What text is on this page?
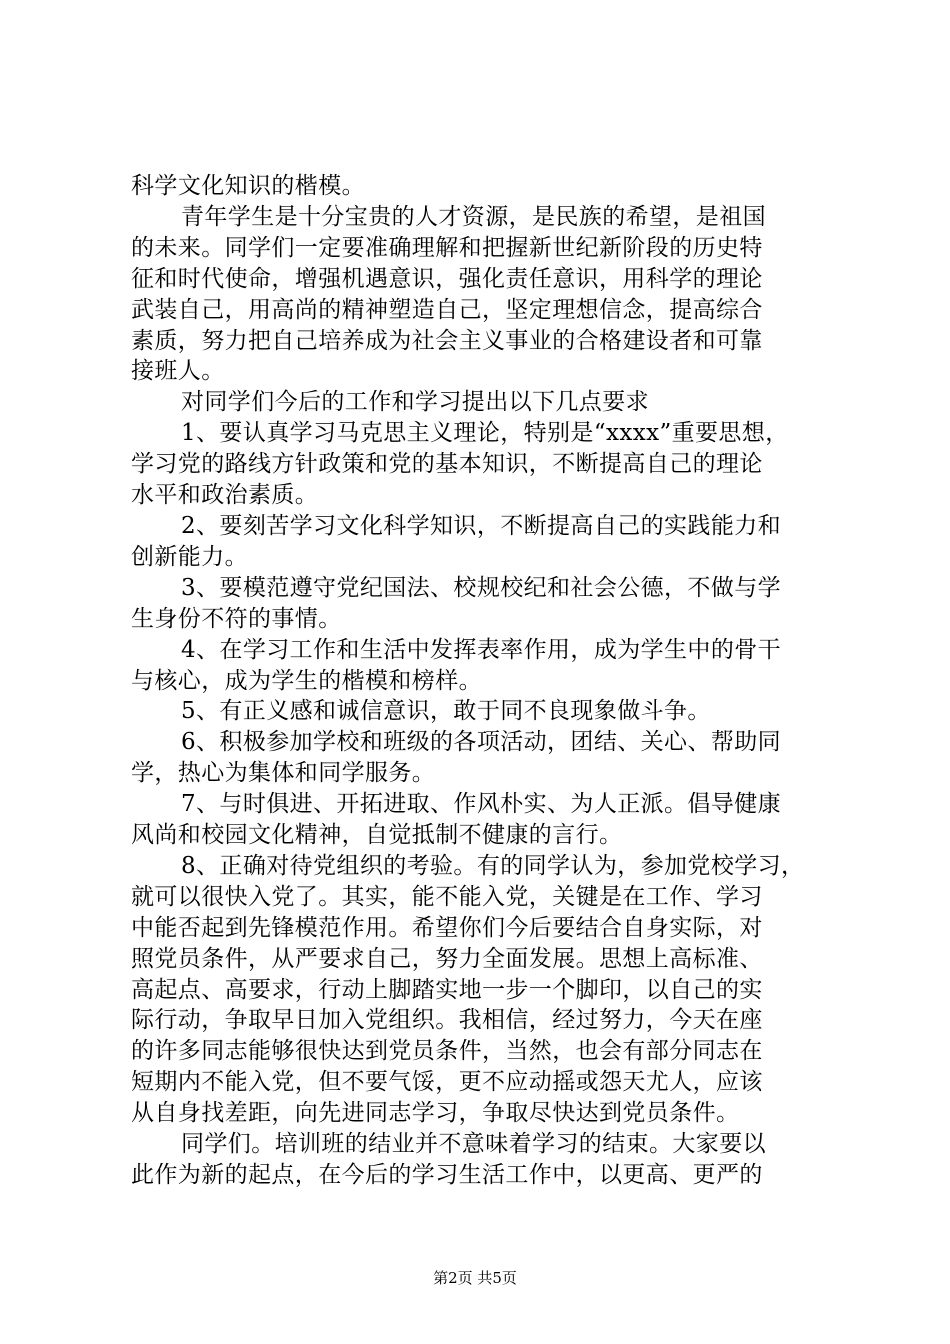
科学文化知识的楷模。
青年学生是十分宝贵的人才资源，是民族的希望，是祖国
的未来。同学们一定要准确理解和把握新世纪新阶段的历史特
征和时代使命，增强机遇意识，强化责任意识，用科学的理论
武装自己，用高尚的精神塑造自己，坚定理想信念，提高综合
素质，努力把自己培养成为社会主义事业的合格建设者和可靠
接班人。
对同学们今后的工作和学习提出以下几点要求
1、要认真学习马克思主义理论，特别是“xxxx”重要思想，
学习党的路线方针政策和党的基本知识，不断提高自己的理论
水平和政治素质。
2、要刻苦学习文化科学知识，不断提高自己的实践能力和
创新能力。
3、要模范遵守党纪国法、校规校纪和社会公德，不做与学
生身份不符的事情。
4、在学习工作和生活中发挥表率作用，成为学生中的骨干
与核心，成为学生的楷模和榜样。
5、有正义感和诚信意识，敢于同不良现象做斗争。
6、积极参加学校和班级的各项活动，团结、关心、帮助同
学，热心为集体和同学服务。
7、与时俱进、开拓进取、作风朴实、为人正派。倡导健康
风尚和校园文化精神，自觉抵制不健康的言行。
8、正确对待党组织的考验。有的同学认为，参加党校学习，
就可以很快入党了。其实，能不能入党，关键是在工作、学习
中能否起到先锋模范作用。希望你们今后要结合自身实际，对
照党员条件，从严要求自己，努力全面发展。思想上高标准、
高起点、高要求，行动上脚踏实地一步一个脚印，以自己的实
际行动，争取早日加入党组织。我相信，经过努力，今天在座
的许多同志能够很快达到党员条件，当然，也会有部分同志在
短期内不能入党，但不要气馁，更不应动摇或怨天尤人，应该
从自身找差距，向先进同志学习，争取尽快达到党员条件。
同学们。培训班的结业并不意味着学习的结束。大家要以
此作为新的起点，在今后的学习生活工作中，以更高、更严的
第2页 共5页
